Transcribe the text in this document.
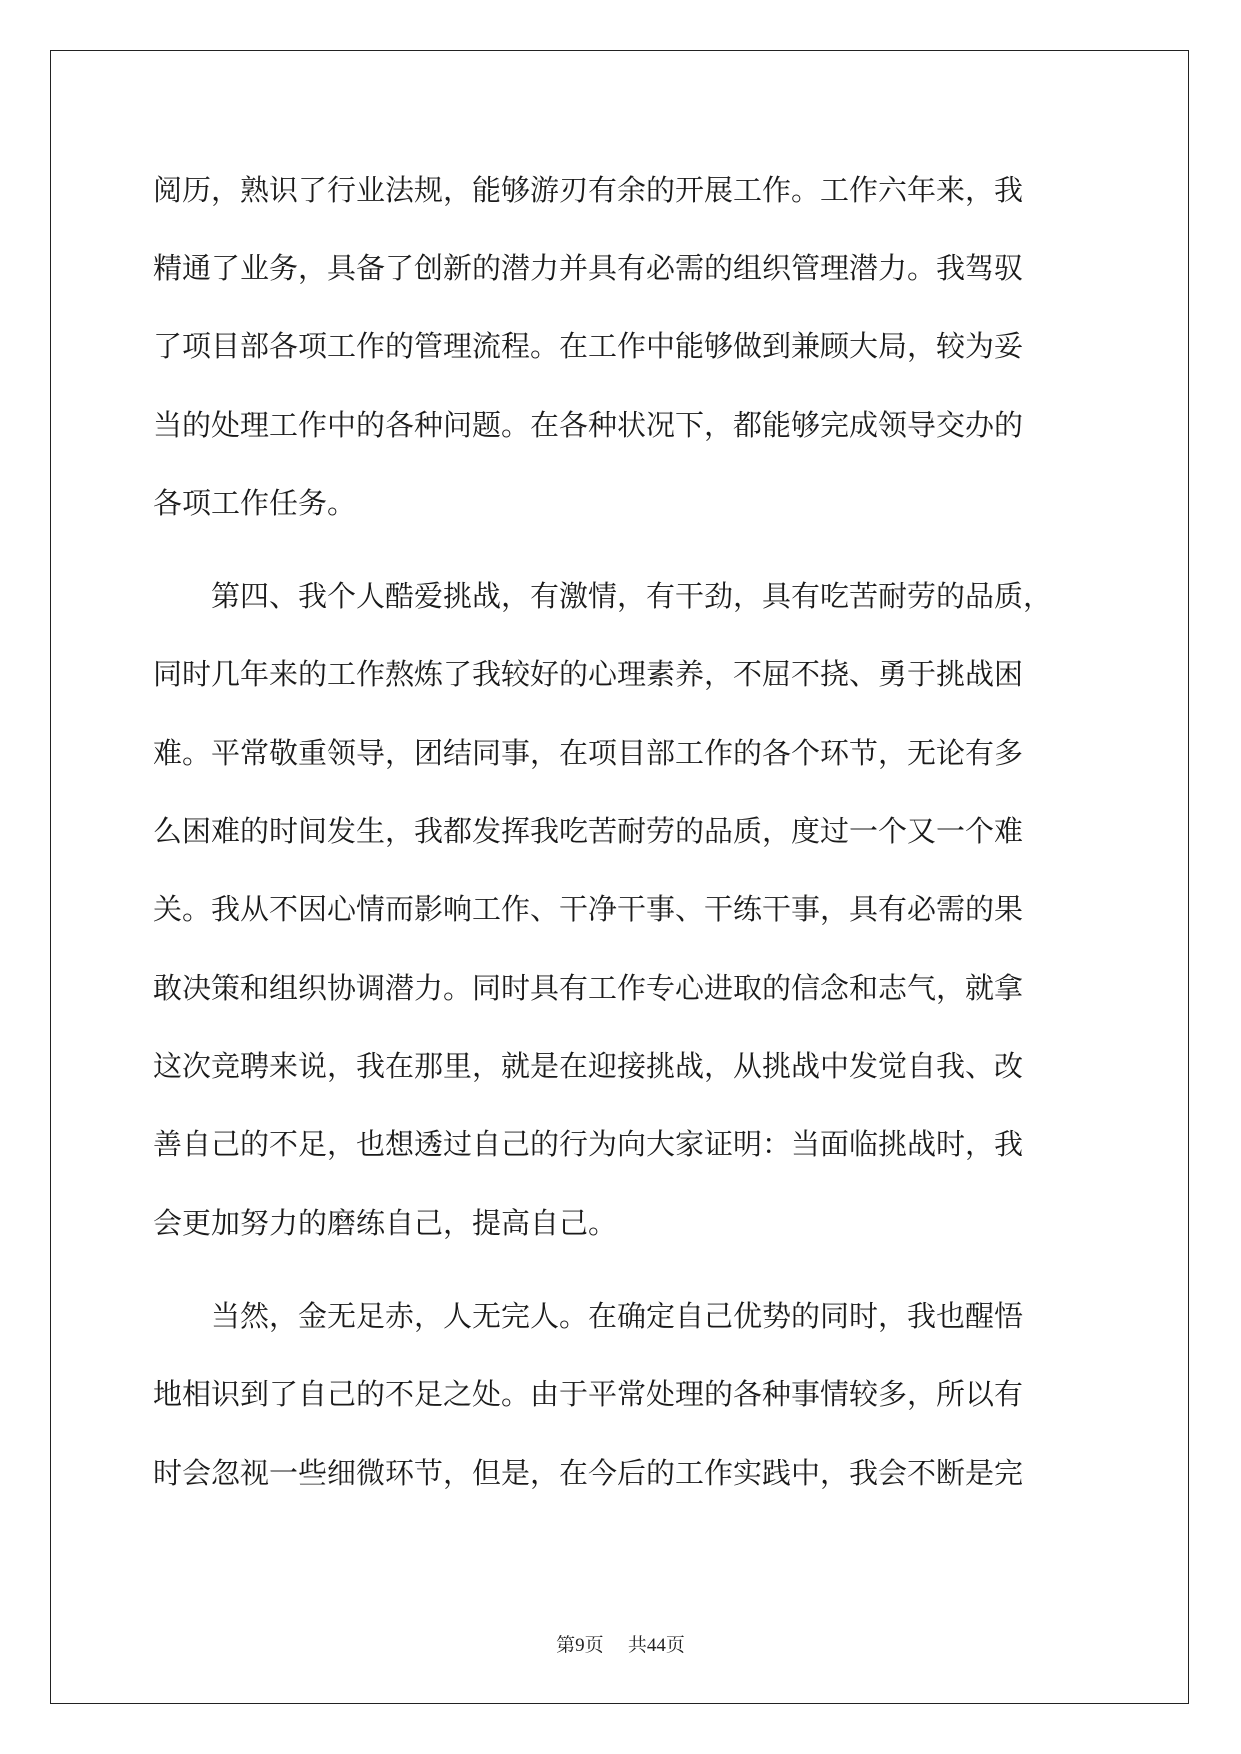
阅历，熟识了行业法规，能够游刃有余的开展工作。工作六年来，我
精通了业务，具备了创新的潜力并具有必需的组织管理潜力。我驾驭
了项目部各项工作的管理流程。在工作中能够做到兼顾大局，较为妥
当的处理工作中的各种问题。在各种状况下，都能够完成领导交办的
各项工作任务。
　　第四、我个人酷爱挑战，有激情，有干劲，具有吃苦耐劳的品质，
同时几年来的工作熬炼了我较好的心理素养，不屈不挠、勇于挑战困
难。平常敬重领导，团结同事，在项目部工作的各个环节，无论有多
么困难的时间发生，我都发挥我吃苦耐劳的品质，度过一个又一个难
关。我从不因心情而影响工作、干净干事、干练干事，具有必需的果
敢决策和组织协调潜力。同时具有工作专心进取的信念和志气，就拿
这次竞聘来说，我在那里，就是在迎接挑战，从挑战中发觉自我、改
善自己的不足，也想透过自己的行为向大家证明：当面临挑战时，我
会更加努力的磨练自己，提高自己。
　　当然，金无足赤，人无完人。在确定自己优势的同时，我也醒悟
地相识到了自己的不足之处。由于平常处理的各种事情较多，所以有
时会忽视一些细微环节，但是，在今后的工作实践中，我会不断是完
第9页 共44页
